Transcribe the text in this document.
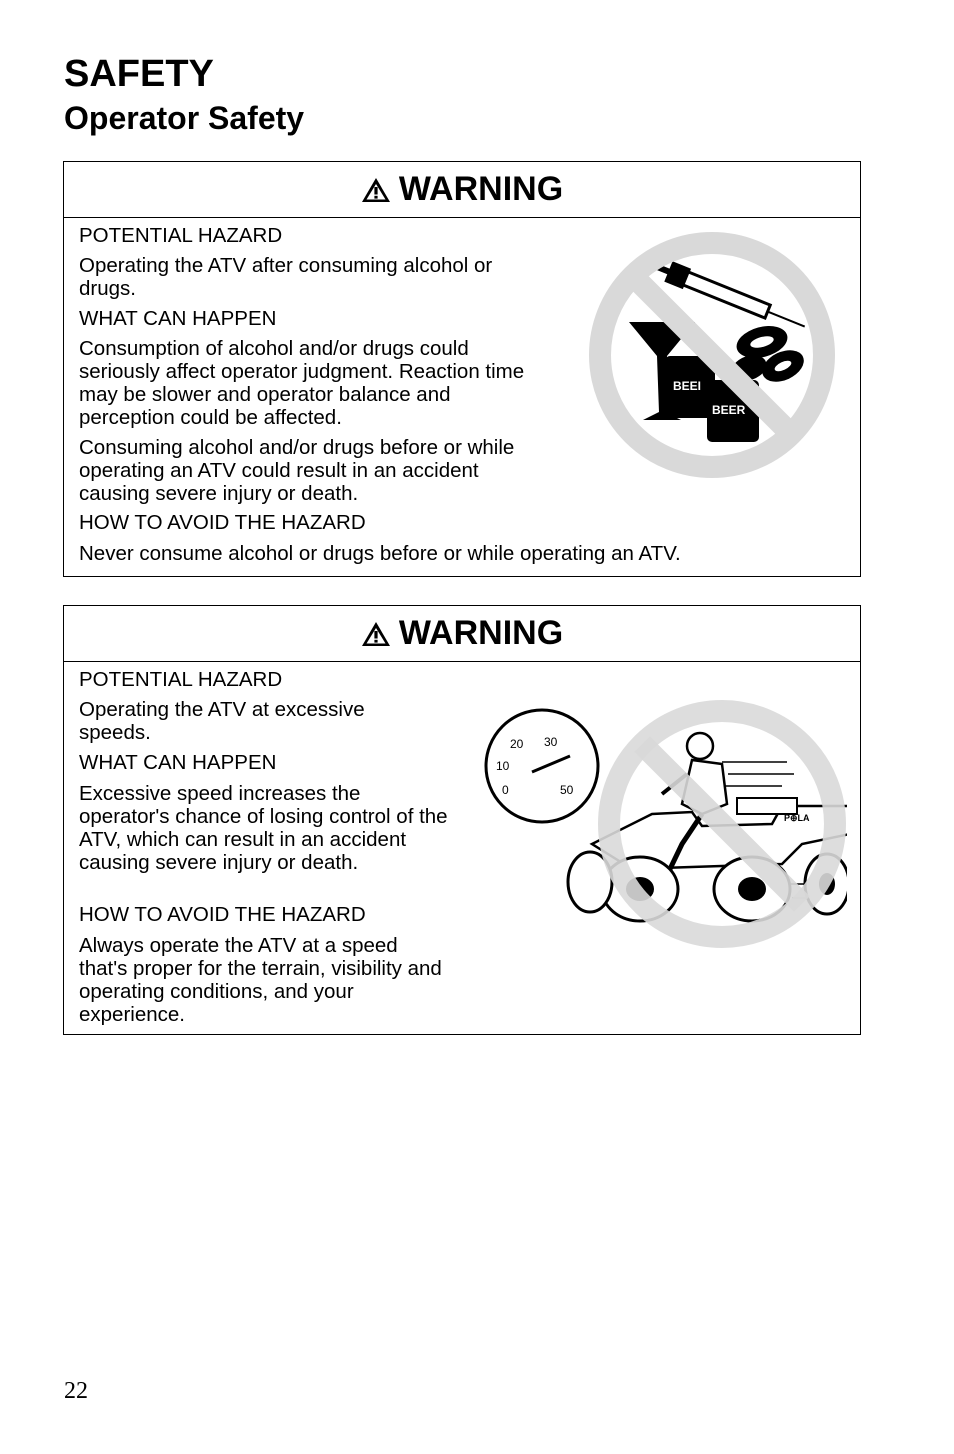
SAFETY
Operator Safety
WARNING

POTENTIAL HAZARD

Operating the ATV after consuming alcohol or drugs.

WHAT CAN HAPPEN

Consumption of alcohol and/or drugs could seriously affect operator judgment. Reaction time may be slower and operator balance and perception could be affected.

Consuming alcohol and/or drugs before or while operating an ATV could result in an accident causing severe injury or death.

HOW TO AVOID THE HAZARD

Never consume alcohol or drugs before or while operating an ATV.

BEEI
BEER
WARNING

POTENTIAL HAZARD

Operating the ATV at excessive speeds.

WHAT CAN HAPPEN

Excessive speed increases the operator's chance of losing control of the ATV, which can result in an accident causing severe injury or death.

HOW TO AVOID THE HAZARD

Always operate the ATV at a speed that's proper for the terrain, visibility and operating conditions, and your experience.

20 30
10
0	50
P⊕LA
22
